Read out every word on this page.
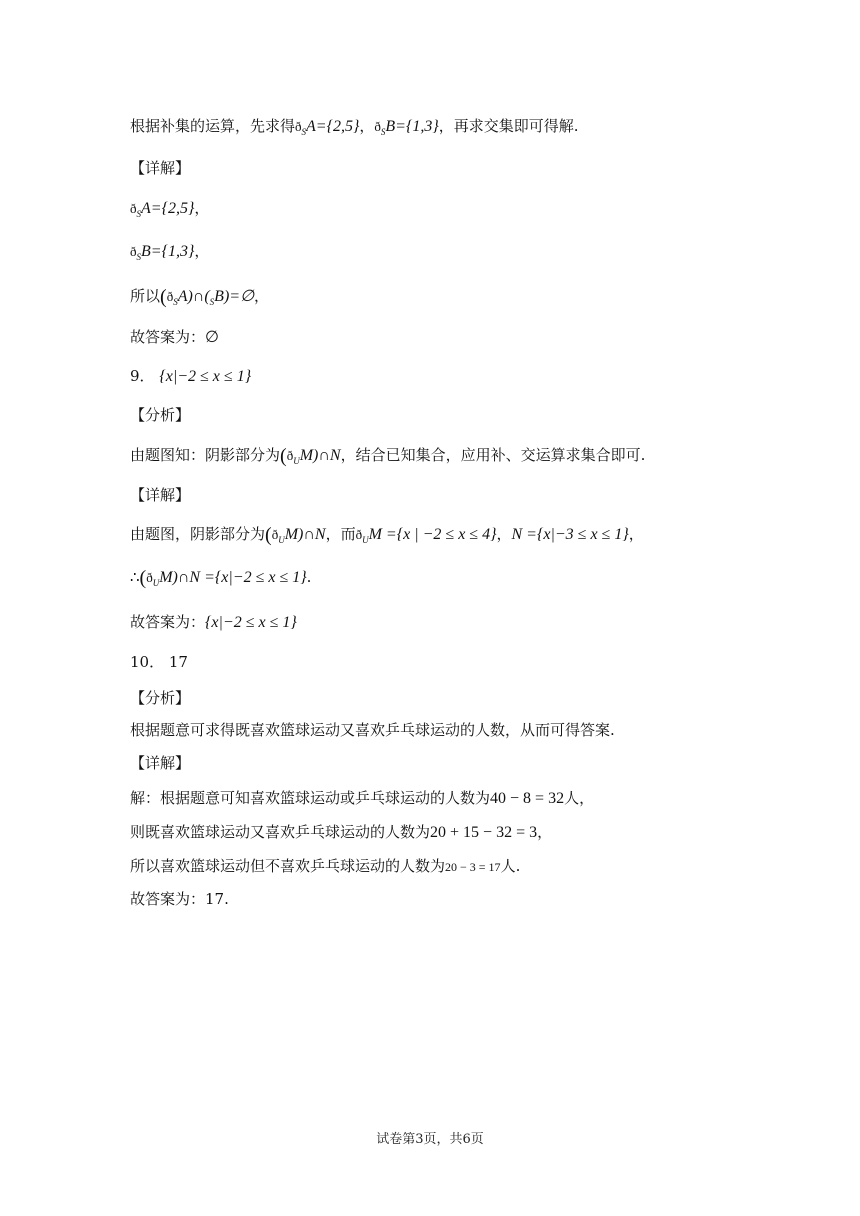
根据补集的运算，先求得$ð_SA=\{2,5\}$，$ð_SB=\{1,3\}$，再求交集即可得解.
【详解】
$ð_SA=\{2,5\}$，
$ð_SB=\{1,3\}$，
所以$(ð_SA)\cap(_SB)=\emptyset$，
故答案为：∅
9． {x|−2 ≤ x ≤ 1}
【分析】
由题图知：阴影部分为$(ð_UM)\cap N$，结合已知集合，应用补、交运算求集合即可.
【详解】
由题图，阴影部分为$(ð_UM)\cap N$，而$ð_UM =\{x$ | −2 ≤ x ≤ 4}，N ={x|−3 ≤ x ≤ 1}，
$\therefore(ð_UM)\cap N =\{x|-2 \le x \le 1\}$.
故答案为：{x|−2 ≤ x ≤ 1}
10． 17
【分析】
根据题意可求得既喜欢篮球运动又喜欢乒乓球运动的人数，从而可得答案.
【详解】
解：根据题意可知喜欢篮球运动或乒乓球运动的人数为40 − 8 = 32人，
则既喜欢篮球运动又喜欢乒乓球运动的人数为20 + 15 − 32 = 3，
所以喜欢篮球运动但不喜欢乒乓球运动的人数为20 − 3 = 17人.
故答案为：17.
试卷第3页，共6页
